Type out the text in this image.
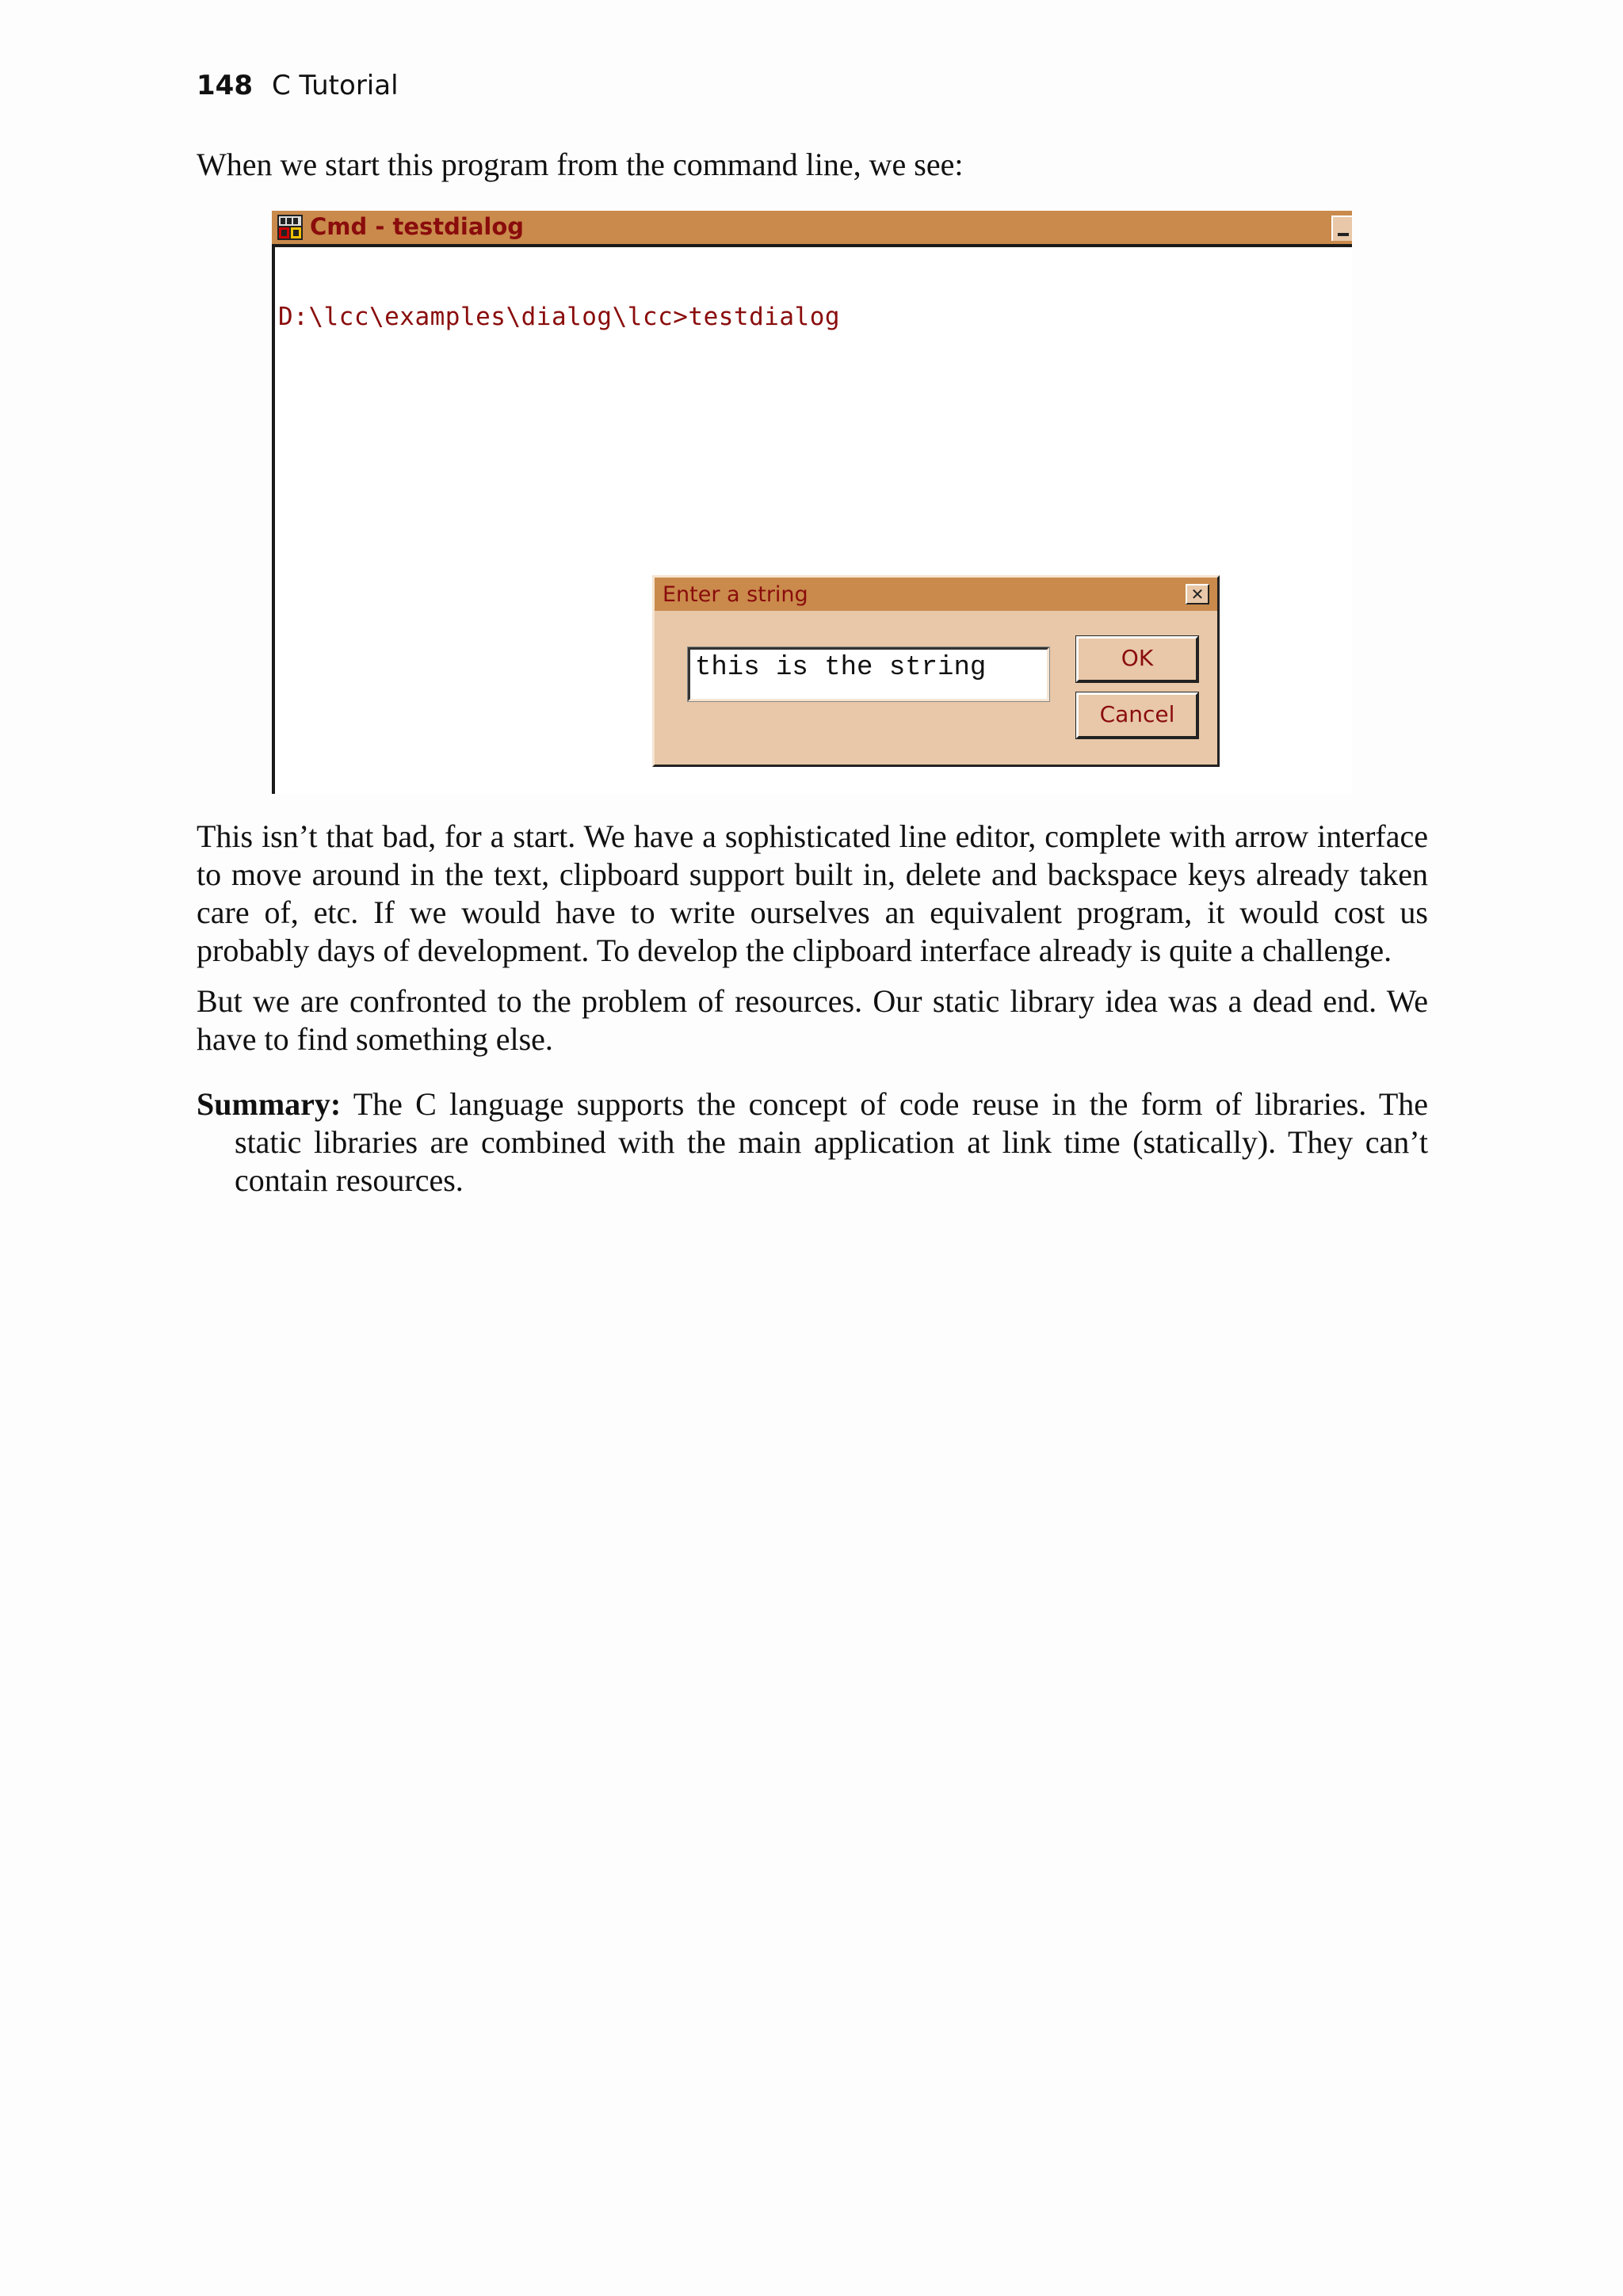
148 C Tutorial

When we start this program from the command line, we see:

Cmd - testdialog
D:\lcc\examples\dialog\lcc>testdialog
Enter a string	✕
this is the string	OK
Cancel

This isn’t that bad, for a start. We have a sophisticated line editor, complete with arrow interface to move around in the text, clipboard support built in, delete and backspace keys already taken care of, etc. If we would have to write ourselves an equivalent program, it would cost us probably days of development. To develop the clipboard interface already is quite a challenge.

But we are confronted to the problem of resources. Our static library idea was a dead end. We have to find something else.

Summary: The C language supports the concept of code reuse in the form of libraries. The static libraries are combined with the main application at link time (statically). They can’t contain resources.
